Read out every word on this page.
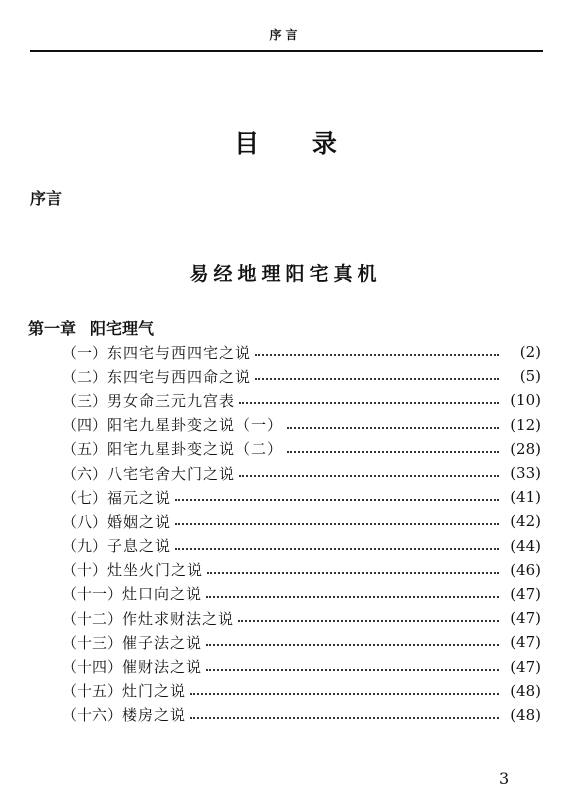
序言
目 录
序言
易经地理阳宅真机
第一章 阳宅理气
（一） 东四宅与西四宅之说	(2)
（二） 东四宅与西四命之说	(5)
（三） 男女命三元九宫表	(10)
（四） 阳宅九星卦变之说（一）	(12)
（五） 阳宅九星卦变之说（二）	(28)
（六） 八宅宅舍大门之说	(33)
（七） 福元之说	(41)
（八） 婚姻之说	(42)
（九） 子息之说	(44)
（十） 灶坐火门之说	(46)
（十一） 灶口向之说	(47)
（十二） 作灶求财法之说	(47)
（十三） 催子法之说	(47)
（十四） 催财法之说	(47)
（十五） 灶门之说	(48)
（十六） 楼房之说	(48)
3
